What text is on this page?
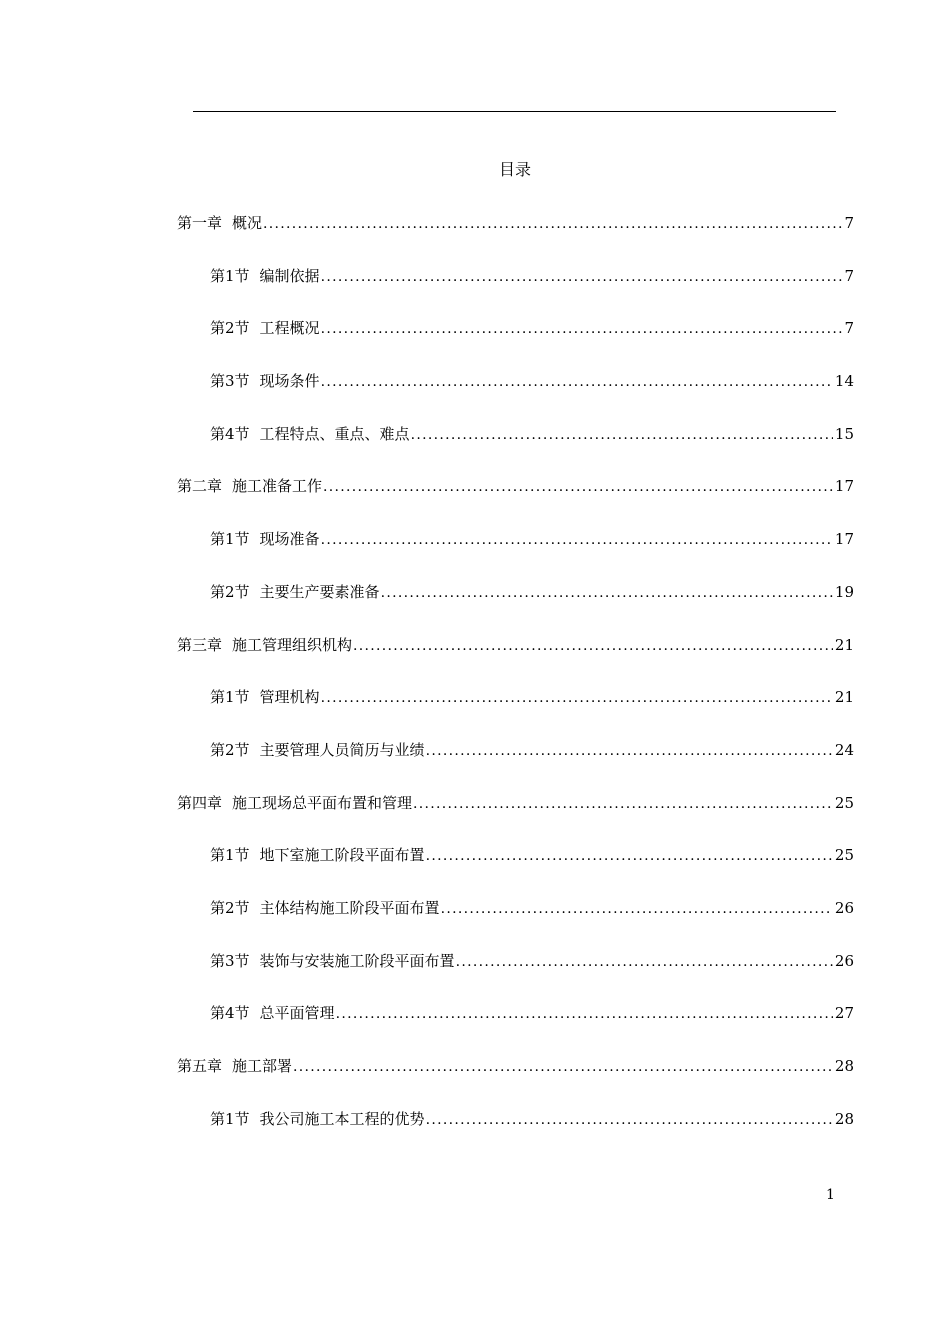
目录
第一章 概况 .....	7
第1节 编制依据 .....	7
第2节 工程概况 .....	7
第3节 现场条件 .....	14
第4节 工程特点、重点、难点 .....	15
第二章 施工准备工作 .....	17
第1节 现场准备 .....	17
第2节 主要生产要素准备 .....	19
第三章 施工管理组织机构 .....	21
第1节 管理机构 .....	21
第2节 主要管理人员简历与业绩 .....	24
第四章 施工现场总平面布置和管理 .....	25
第1节 地下室施工阶段平面布置 .....	25
第2节 主体结构施工阶段平面布置 .....	26
第3节 装饰与安装施工阶段平面布置 .....	26
第4节 总平面管理 .....	27
第五章 施工部署 .....	28
第1节 我公司施工本工程的优势 .....	28
1
